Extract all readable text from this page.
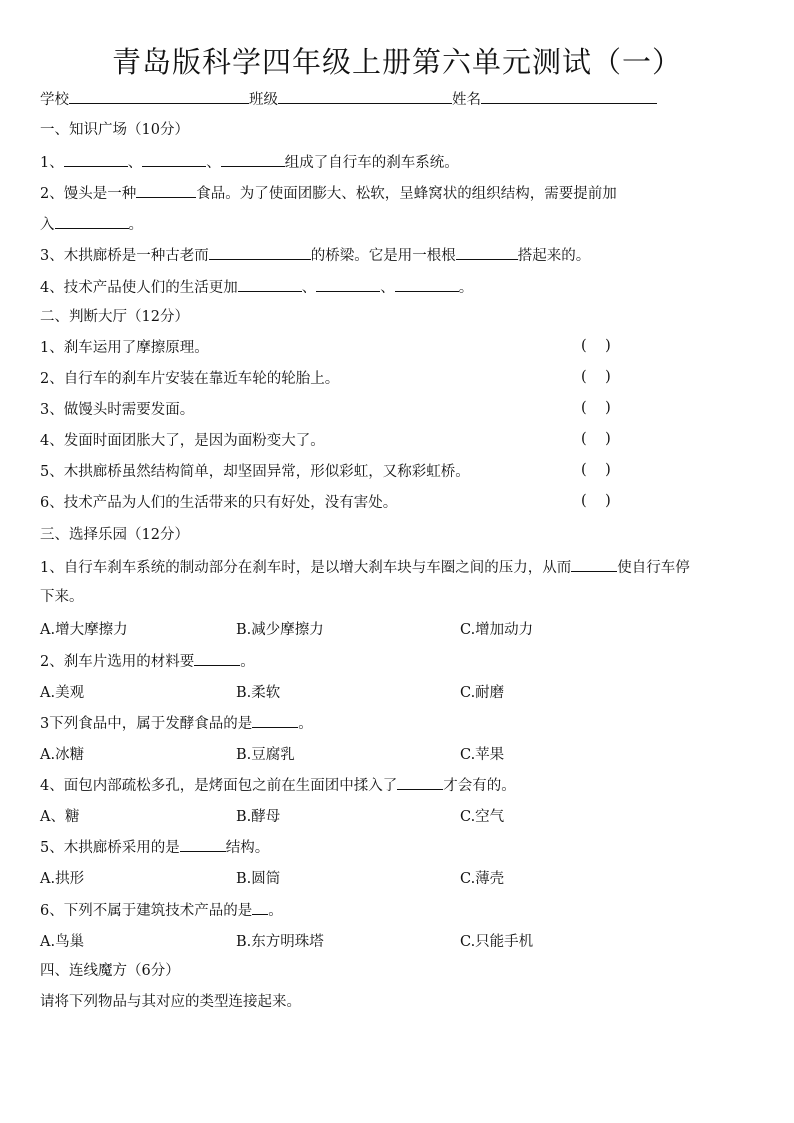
青岛版科学四年级上册第六单元测试（一）
学校	班级	姓名
一、知识广场（10分）
1、	、	、	组成了自行车的刹车系统。
2、馒头是一种	食品。为了使面团膨大、松软，呈蜂窝状的组织结构，需要提前加
入	。
3、木拱廊桥是一种古老而	的桥梁。它是用一根根	搭起来的。
4、技术产品使人们的生活更加	、	、	。
二、判断大厅（12分）
1、刹车运用了摩擦原理。	(    )
2、自行车的刹车片安装在靠近车轮的轮胎上。	(    )
3、做馒头时需要发面。	(    )
4、发面时面团胀大了，是因为面粉变大了。	(    )
5、木拱廊桥虽然结构简单，却坚固异常，形似彩虹，又称彩虹桥。	(    )
6、技术产品为人们的生活带来的只有好处，没有害处。	(    )
三、选择乐园（12分）
1、自行车刹车系统的制动部分在刹车时，是以增大刹车块与车圈之间的压力，从而	使自行车停
下来。
A.增大摩擦力	B.减少摩擦力	C.增加动力
2、刹车片选用的材料要	。
A.美观	B.柔软	C.耐磨
3下列食品中，属于发酵食品的是	。
A.冰糖	B.豆腐乳	C.苹果
4、面包内部疏松多孔，是烤面包之前在生面团中揉入了	才会有的。
A、糖	B.酵母	C.空气
5、木拱廊桥采用的是	结构。
A.拱形	B.圆筒	C.薄壳
6、下列不属于建筑技术产品的是 。
A.鸟巢	B.东方明珠塔	C.只能手机
四、连线魔方（6分）
请将下列物品与其对应的类型连接起来。
